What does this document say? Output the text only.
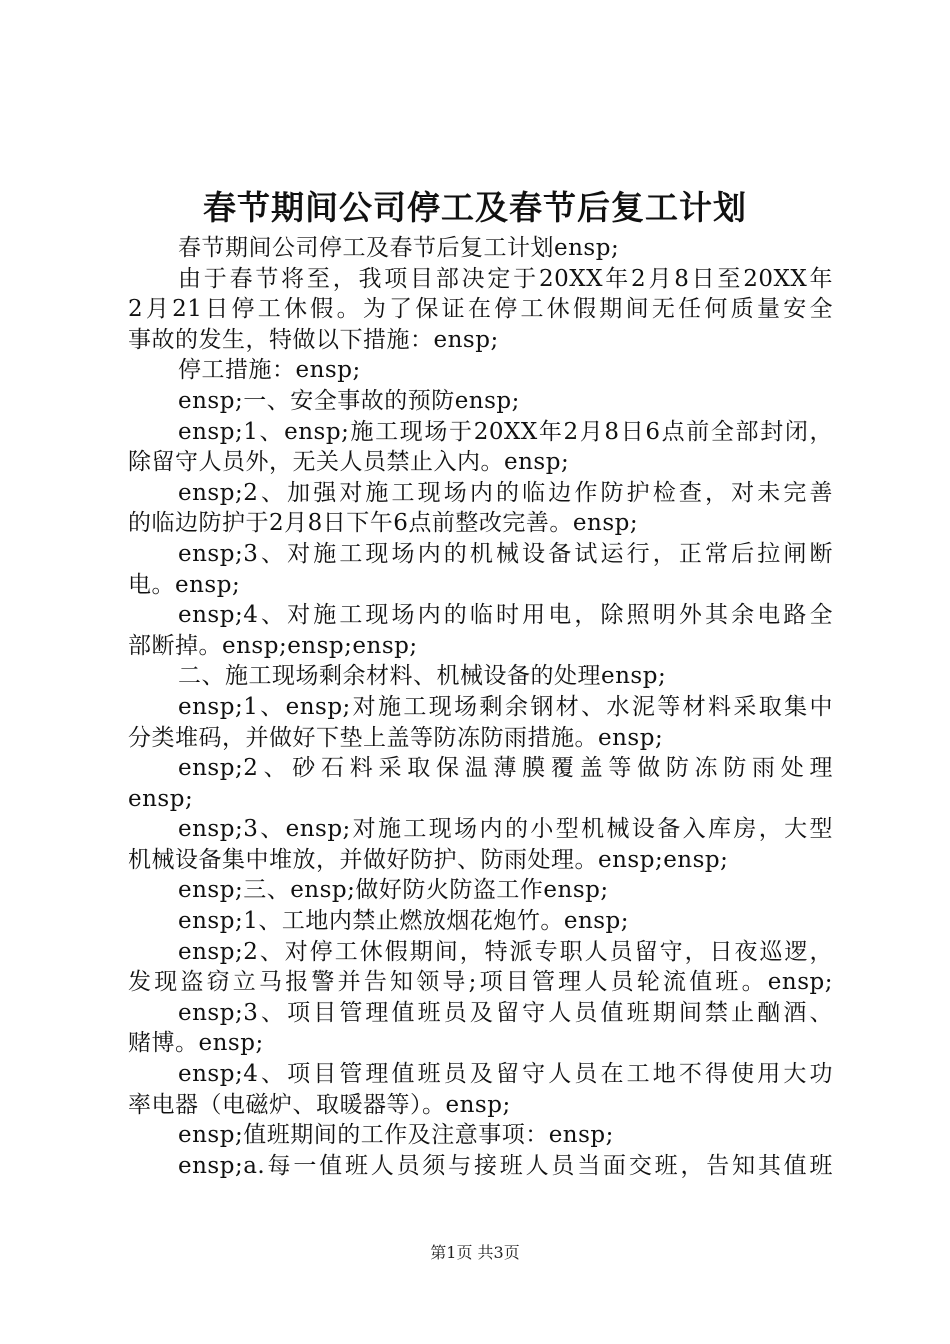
春节期间公司停工及春节后复工计划
春节期间公司停工及春节后复工计划ensp;
由于春节将至，我项目部决定于20XX年2月8日至20XX年
2月21日停工休假。为了保证在停工休假期间无任何质量安全
事故的发生，特做以下措施：ensp;
停工措施：ensp;
ensp;一、安全事故的预防ensp;
ensp;1、ensp;施工现场于20XX年2月8日6点前全部封闭，
除留守人员外，无关人员禁止入内。ensp;
ensp;2、加强对施工现场内的临边作防护检查，对未完善
的临边防护于2月8日下午6点前整改完善。ensp;
ensp;3、对施工现场内的机械设备试运行，正常后拉闸断
电。ensp;
ensp;4、对施工现场内的临时用电，除照明外其余电路全
部断掉。ensp;ensp;ensp;
二、施工现场剩余材料、机械设备的处理ensp;
ensp;1、ensp;对施工现场剩余钢材、水泥等材料采取集中
分类堆码，并做好下垫上盖等防冻防雨措施。ensp;
ensp;2、砂石料采取保温薄膜覆盖等做防冻防雨处理
ensp;
ensp;3、ensp;对施工现场内的小型机械设备入库房，大型
机械设备集中堆放，并做好防护、防雨处理。ensp;ensp;
ensp;三、ensp;做好防火防盗工作ensp;
ensp;1、工地内禁止燃放烟花炮竹。ensp;
ensp;2、对停工休假期间，特派专职人员留守，日夜巡逻，
发现盗窃立马报警并告知领导;项目管理人员轮流值班。ensp;
ensp;3、项目管理值班员及留守人员值班期间禁止酗酒、
赌博。ensp;
ensp;4、项目管理值班员及留守人员在工地不得使用大功
率电器（电磁炉、取暖器等）。ensp;
ensp;值班期间的工作及注意事项：ensp;
ensp;a.每一值班人员须与接班人员当面交班，告知其值班
第1页 共3页
